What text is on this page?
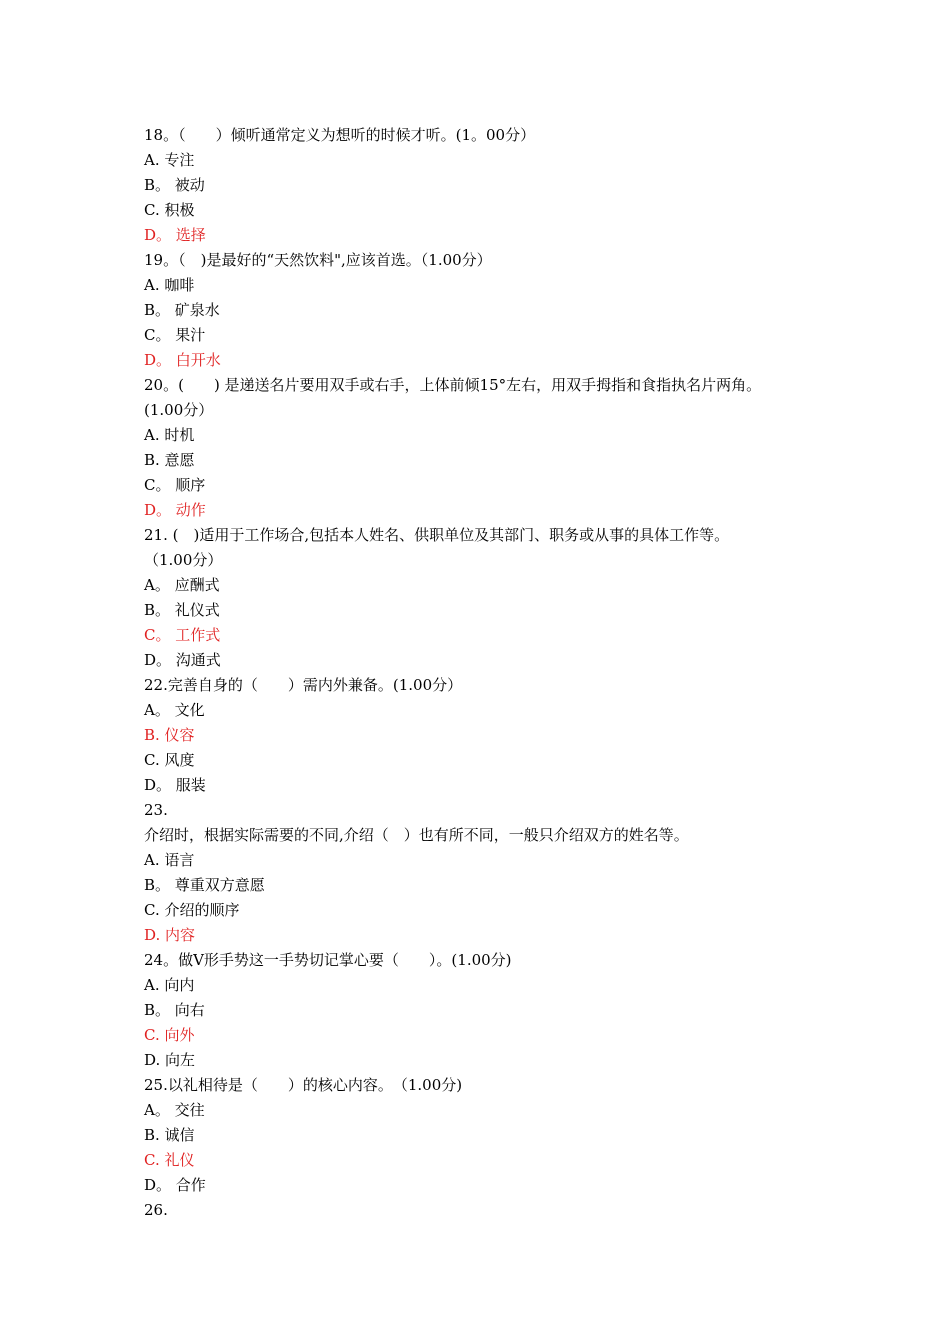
18。（　　）倾听通常定义为想听的时候才听。(1。00分）
A. 专注
B。 被动
C. 积极
D。 选择
19。（　)是最好的“天然饮料",应该首选。（1.00分）
A. 咖啡
B。 矿泉水
C。 果汁
D。 白开水
20。(　　) 是递送名片要用双手或右手，上体前倾15°左右，用双手拇指和食指执名片两角。
(1.00分）
A. 时机
B. 意愿
C。 顺序
D。 动作
21. (　)适用于工作场合,包括本人姓名、供职单位及其部门、职务或从事的具体工作等。
（1.00分）
A。 应酬式
B。 礼仪式
C。 工作式
D。 沟通式
22.完善自身的（　　）需内外兼备。(1.00分）
A。 文化
B. 仪容
C. 风度
D。 服装
23.
介绍时，根据实际需要的不同,介绍（　）也有所不同，一般只介绍双方的姓名等。
A. 语言
B。 尊重双方意愿
C. 介绍的顺序
D. 内容
24。做V形手势这一手势切记掌心要（　　）。(1.00分)
A. 向内
B。 向右
C. 向外
D. 向左
25.以礼相待是（　　）的核心内容。　（1.00分)
A。 交往
B. 诚信
C. 礼仪
D。 合作
26.
